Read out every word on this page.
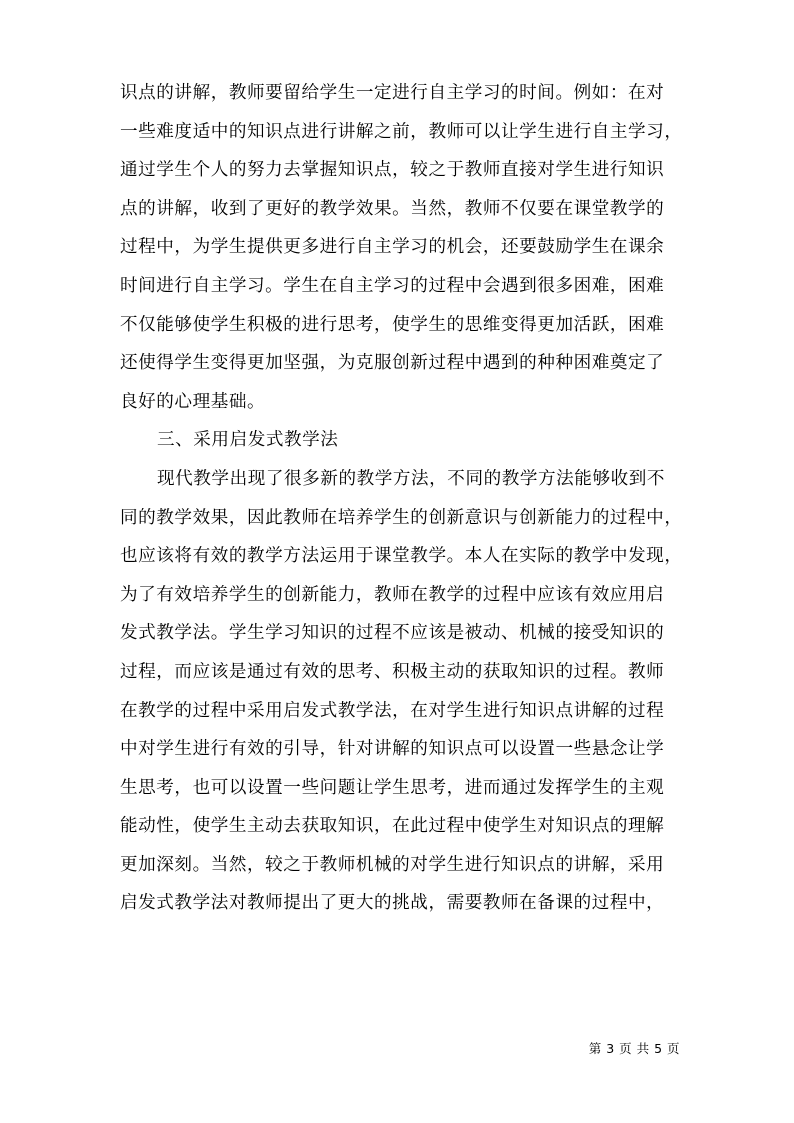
识点的讲解，教师要留给学生一定进行自主学习的时间。例如：在对
一些难度适中的知识点进行讲解之前，教师可以让学生进行自主学习，
通过学生个人的努力去掌握知识点，较之于教师直接对学生进行知识
点的讲解，收到了更好的教学效果。当然，教师不仅要在课堂教学的
过程中，为学生提供更多进行自主学习的机会，还要鼓励学生在课余
时间进行自主学习。学生在自主学习的过程中会遇到很多困难，困难
不仅能够使学生积极的进行思考，使学生的思维变得更加活跃，困难
还使得学生变得更加坚强，为克服创新过程中遇到的种种困难奠定了
良好的心理基础。
三、采用启发式教学法
现代教学出现了很多新的教学方法，不同的教学方法能够收到不
同的教学效果，因此教师在培养学生的创新意识与创新能力的过程中，
也应该将有效的教学方法运用于课堂教学。本人在实际的教学中发现，
为了有效培养学生的创新能力，教师在教学的过程中应该有效应用启
发式教学法。学生学习知识的过程不应该是被动、机械的接受知识的
过程，而应该是通过有效的思考、积极主动的获取知识的过程。教师
在教学的过程中采用启发式教学法，在对学生进行知识点讲解的过程
中对学生进行有效的引导，针对讲解的知识点可以设置一些悬念让学
生思考，也可以设置一些问题让学生思考，进而通过发挥学生的主观
能动性，使学生主动去获取知识，在此过程中使学生对知识点的理解
更加深刻。当然，较之于教师机械的对学生进行知识点的讲解，采用
启发式教学法对教师提出了更大的挑战，需要教师在备课的过程中，
第 3 页 共 5 页
